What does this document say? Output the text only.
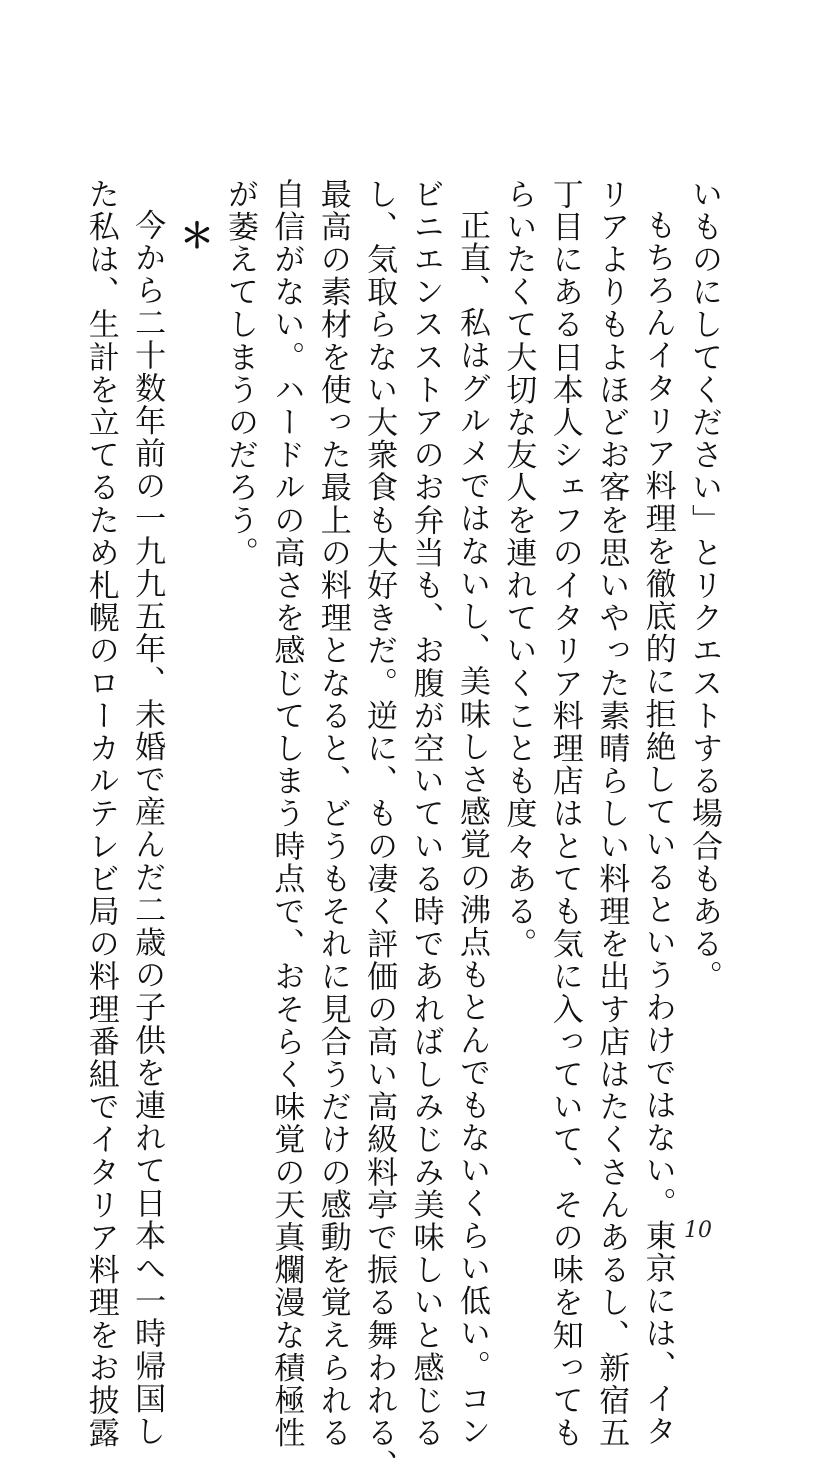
いものにしてください」とリクエストする場合もある。
もちろんイタリア料理を徹底的に拒絶しているというわけではない。東京には、イタ
リアよりもよほどお客を思いやった素晴らしい料理を出す店はたくさんあるし、新宿五
丁目にある日本人シェフのイタリア料理店はとても気に入っていて、その味を知っても
らいたくて大切な友人を連れていくことも度々ある。
正直、私はグルメではないし、美味しさ感覚の沸点もとんでもないくらい低い。コン
ビニエンスストアのお弁当も、お腹が空いている時であればしみじみ美味しいと感じる
し、気取らない大衆食も大好きだ。逆に、もの凄く評価の高い高級料亭で振る舞われる、
最高の素材を使った最上の料理となると、どうもそれに見合うだけの感動を覚えられる
自信がない。ハードルの高さを感じてしまう時点で、おそらく味覚の天真爛漫な積極性
が萎えてしまうのだろう。
＊
今から二十数年前の一九九五年、未婚で産んだ二歳の子供を連れて日本へ一時帰国し
た私は、生計を立てるため札幌のローカルテレビ局の料理番組でイタリア料理をお披露	10
